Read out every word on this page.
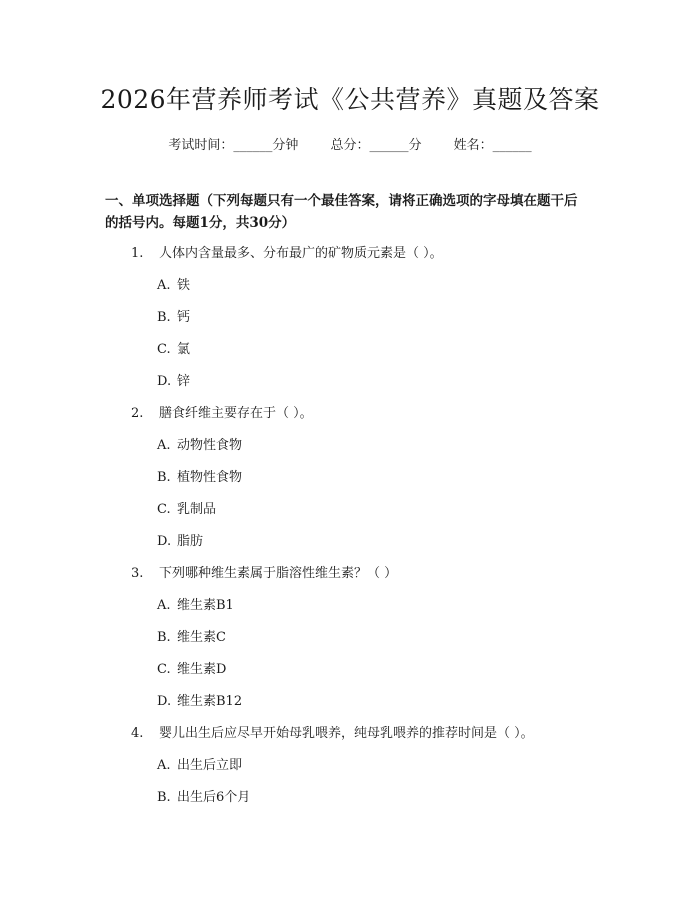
2026年营养师考试《公共营养》真题及答案
考试时间：______分钟 总分：______分 姓名：______
一、单项选择题（下列每题只有一个最佳答案，请将正确选项的字母填在题干后
的括号内。每题1分，共30分）
1. 人体内含量最多、分布最广的矿物质元素是（ ）。
A. 铁
B. 钙
C. 氯
D. 锌
2. 膳食纤维主要存在于（ ）。
A. 动物性食物
B. 植物性食物
C. 乳制品
D. 脂肪
3. 下列哪种维生素属于脂溶性维生素？（ ）
A. 维生素B1
B. 维生素C
C. 维生素D
D. 维生素B12
4. 婴儿出生后应尽早开始母乳喂养，纯母乳喂养的推荐时间是（ ）。
A. 出生后立即
B. 出生后6个月
